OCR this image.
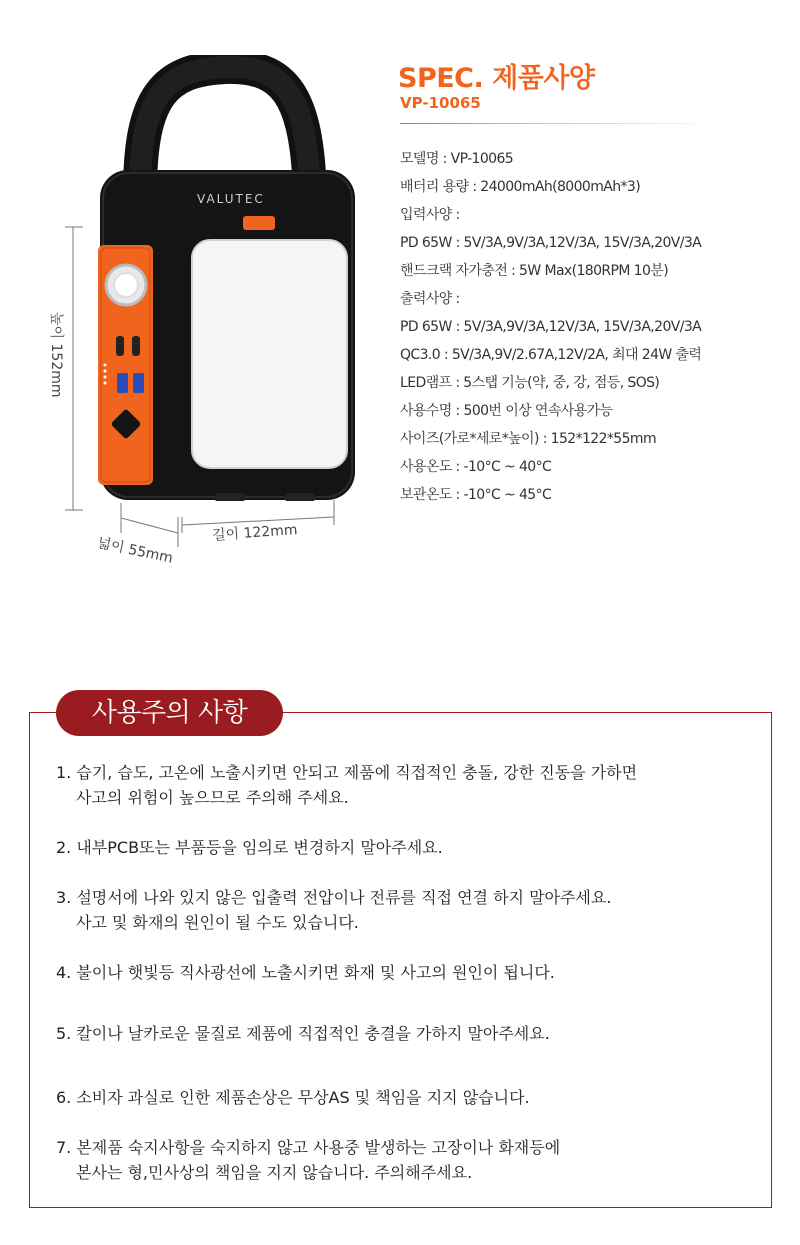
VALUTEC
높이 152mm
넓이 55mm
길이 122mm
SPEC. 제품사양
VP-10065
모델명 : VP-10065
배터리 용량 : 24000mAh(8000mAh*3)
입력사양 :
PD 65W : 5V/3A,9V/3A,12V/3A, 15V/3A,20V/3A
핸드크랙 자가충전 : 5W Max(180RPM 10분)
출력사양 :
PD 65W : 5V/3A,9V/3A,12V/3A, 15V/3A,20V/3A
QC3.0 : 5V/3A,9V/2.67A,12V/2A, 최대 24W 출력
LED램프 : 5스탭 기능(약, 중, 강, 점등, SOS)
사용수명 : 500번 이상 연속사용가능
사이즈(가로*세로*높이) : 152*122*55mm
사용온도 : -10°C ~ 40°C
보관온도 : -10°C ~ 45°C
사용주의 사항
1. 습기, 습도, 고온에 노출시키면 안되고 제품에 직접적인 충돌, 강한 진동을 가하면
사고의 위험이 높으므로 주의해 주세요.
2. 내부PCB또는 부품등을 임의로 변경하지 말아주세요.
3. 설명서에 나와 있지 않은 입출력 전압이나 전류를 직접 연결 하지 말아주세요.
사고 및 화재의 원인이 될 수도 있습니다.
4. 불이나 햇빛등 직사광선에 노출시키면 화재 및 사고의 원인이 됩니다.
5. 칼이나 날카로운 물질로 제품에 직접적인 충결을 가하지 말아주세요.
6. 소비자 과실로 인한 제품손상은 무상AS 및 책임을 지지 않습니다.
7. 본제품 숙지사항을 숙지하지 않고 사용중 발생하는 고장이나 화재등에
본사는 형,민사상의 책임을 지지 않습니다. 주의해주세요.
